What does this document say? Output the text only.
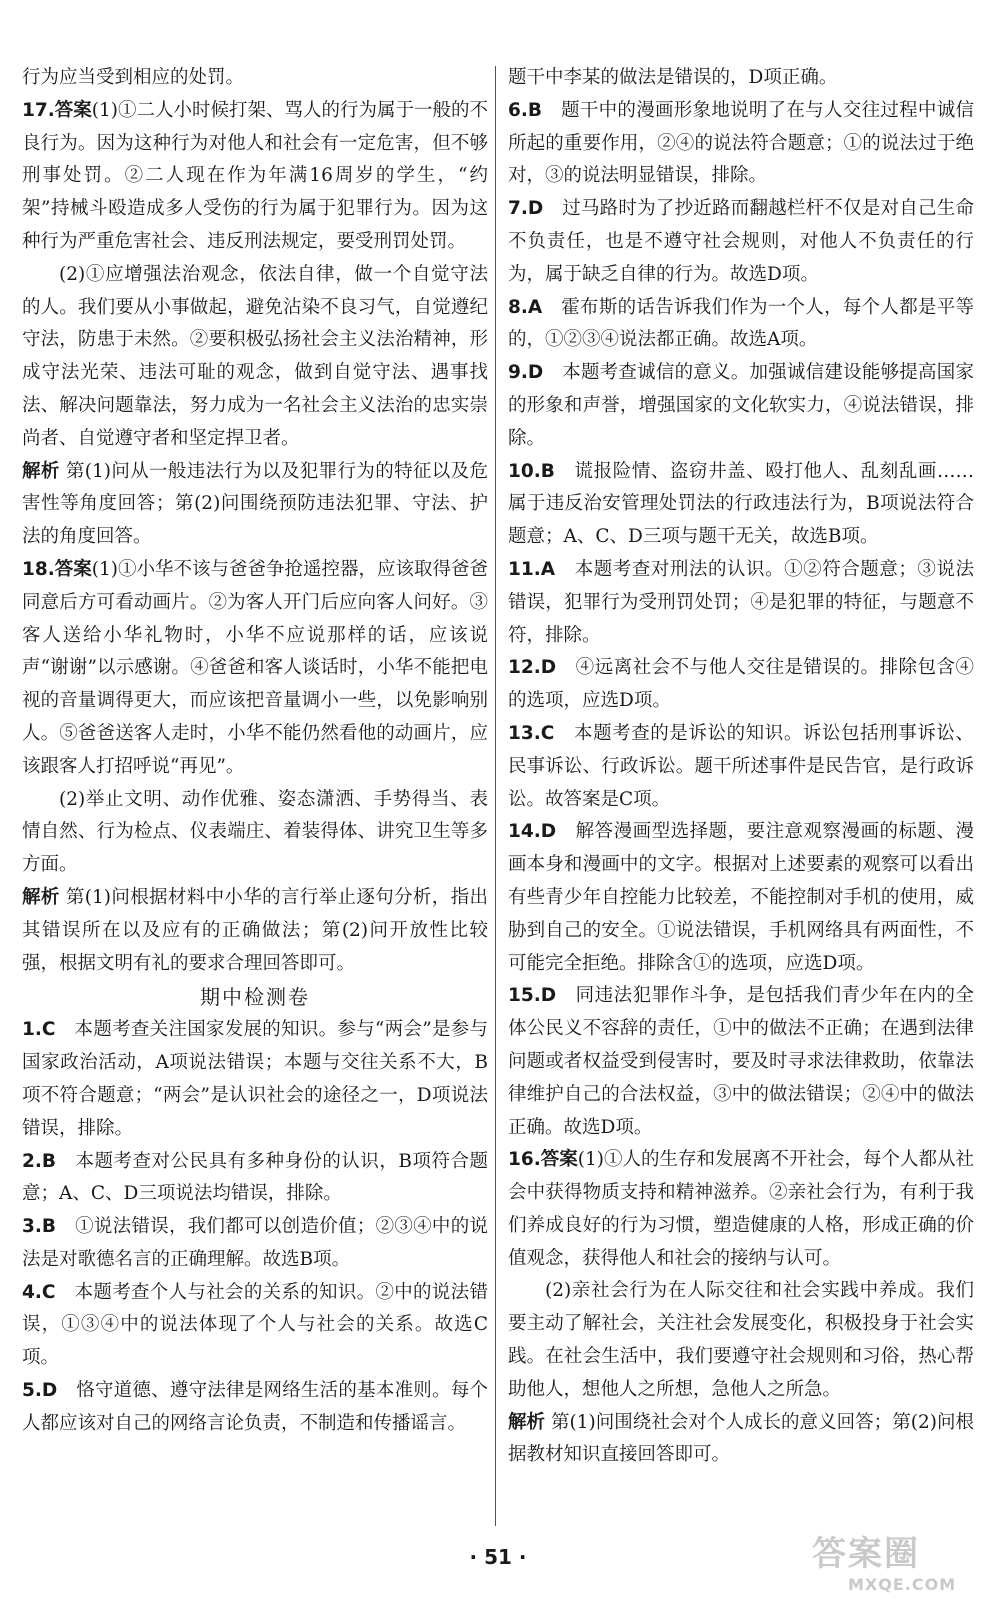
行为应当受到相应的处罚。

17.答案(1)①二人小时候打架、骂人的行为属于一般的不良行为。因为这种行为对他人和社会有一定危害，但不够刑事处罚。②二人现在作为年满16周岁的学生，“约架”持械斗殴造成多人受伤的行为属于犯罪行为。因为这种行为严重危害社会、违反刑法规定，要受刑罚处罚。

(2)①应增强法治观念，依法自律，做一个自觉守法的人。我们要从小事做起，避免沾染不良习气，自觉遵纪守法，防患于未然。②要积极弘扬社会主义法治精神，形成守法光荣、违法可耻的观念，做到自觉守法、遇事找法、解决问题靠法，努力成为一名社会主义法治的忠实崇尚者、自觉遵守者和坚定捍卫者。

解析 第(1)问从一般违法行为以及犯罪行为的特征以及危害性等角度回答；第(2)问围绕预防违法犯罪、守法、护法的角度回答。

18.答案(1)①小华不该与爸爸争抢遥控器，应该取得爸爸同意后方可看动画片。②为客人开门后应向客人问好。③客人送给小华礼物时，小华不应说那样的话，应该说声“谢谢”以示感谢。④爸爸和客人谈话时，小华不能把电视的音量调得更大，而应该把音量调小一些，以免影响别人。⑤爸爸送客人走时，小华不能仍然看他的动画片，应该跟客人打招呼说“再见”。

(2)举止文明、动作优雅、姿态潇洒、手势得当、表情自然、行为检点、仪表端庄、着装得体、讲究卫生等多方面。

解析 第(1)问根据材料中小华的言行举止逐句分析，指出其错误所在以及应有的正确做法；第(2)问开放性比较强，根据文明有礼的要求合理回答即可。

期中检测卷

1.C　 本题考查关注国家发展的知识。参与“两会”是参与国家政治活动，A项说法错误；本题与交往关系不大，B项不符合题意；“两会”是认识社会的途径之一，D项说法错误，排除。

2.B　 本题考查对公民具有多种身份的认识，B项符合题意；A、C、D三项说法均错误，排除。

3.B　 ①说法错误，我们都可以创造价值；②③④中的说法是对歌德名言的正确理解。故选B项。

4.C　 本题考查个人与社会的关系的知识。②中的说法错误，①③④中的说法体现了个人与社会的关系。故选C项。

5.D　 恪守道德、遵守法律是网络生活的基本准则。每个人都应该对自己的网络言论负责，不制造和传播谣言。

题干中李某的做法是错误的，D项正确。

6.B　 题干中的漫画形象地说明了在与人交往过程中诚信所起的重要作用，②④的说法符合题意；①的说法过于绝对，③的说法明显错误，排除。

7.D　 过马路时为了抄近路而翻越栏杆不仅是对自己生命不负责任，也是不遵守社会规则，对他人不负责任的行为，属于缺乏自律的行为。故选D项。

8.A　 霍布斯的话告诉我们作为一个人，每个人都是平等的，①②③④说法都正确。故选A项。

9.D　 本题考查诚信的意义。加强诚信建设能够提高国家的形象和声誉，增强国家的文化软实力，④说法错误，排除。

10.B　 谎报险情、盗窃井盖、殴打他人、乱刻乱画……属于违反治安管理处罚法的行政违法行为，B项说法符合题意；A、C、D三项与题干无关，故选B项。

11.A　 本题考查对刑法的认识。①②符合题意；③说法错误，犯罪行为受刑罚处罚；④是犯罪的特征，与题意不符，排除。

12.D　 ④远离社会不与他人交往是错误的。排除包含④的选项，应选D项。

13.C　 本题考查的是诉讼的知识。诉讼包括刑事诉讼、民事诉讼、行政诉讼。题干所述事件是民告官，是行政诉讼。故答案是C项。

14.D　 解答漫画型选择题，要注意观察漫画的标题、漫画本身和漫画中的文字。根据对上述要素的观察可以看出有些青少年自控能力比较差，不能控制对手机的使用，威胁到自己的安全。①说法错误，手机网络具有两面性，不可能完全拒绝。排除含①的选项，应选D项。

15.D　 同违法犯罪作斗争，是包括我们青少年在内的全体公民义不容辞的责任，①中的做法不正确；在遇到法律问题或者权益受到侵害时，要及时寻求法律救助，依靠法律维护自己的合法权益，③中的做法错误；②④中的做法正确。故选D项。

16.答案(1)①人的生存和发展离不开社会，每个人都从社会中获得物质支持和精神滋养。②亲社会行为，有利于我们养成良好的行为习惯，塑造健康的人格，形成正确的价值观念，获得他人和社会的接纳与认可。

(2)亲社会行为在人际交往和社会实践中养成。我们要主动了解社会，关注社会发展变化，积极投身于社会实践。在社会生活中，我们要遵守社会规则和习俗，热心帮助他人，想他人之所想，急他人之所急。

解析 第(1)问围绕社会对个人成长的意义回答；第(2)问根据教材知识直接回答即可。

· 51 ·	答案圈
MXQE.COM
